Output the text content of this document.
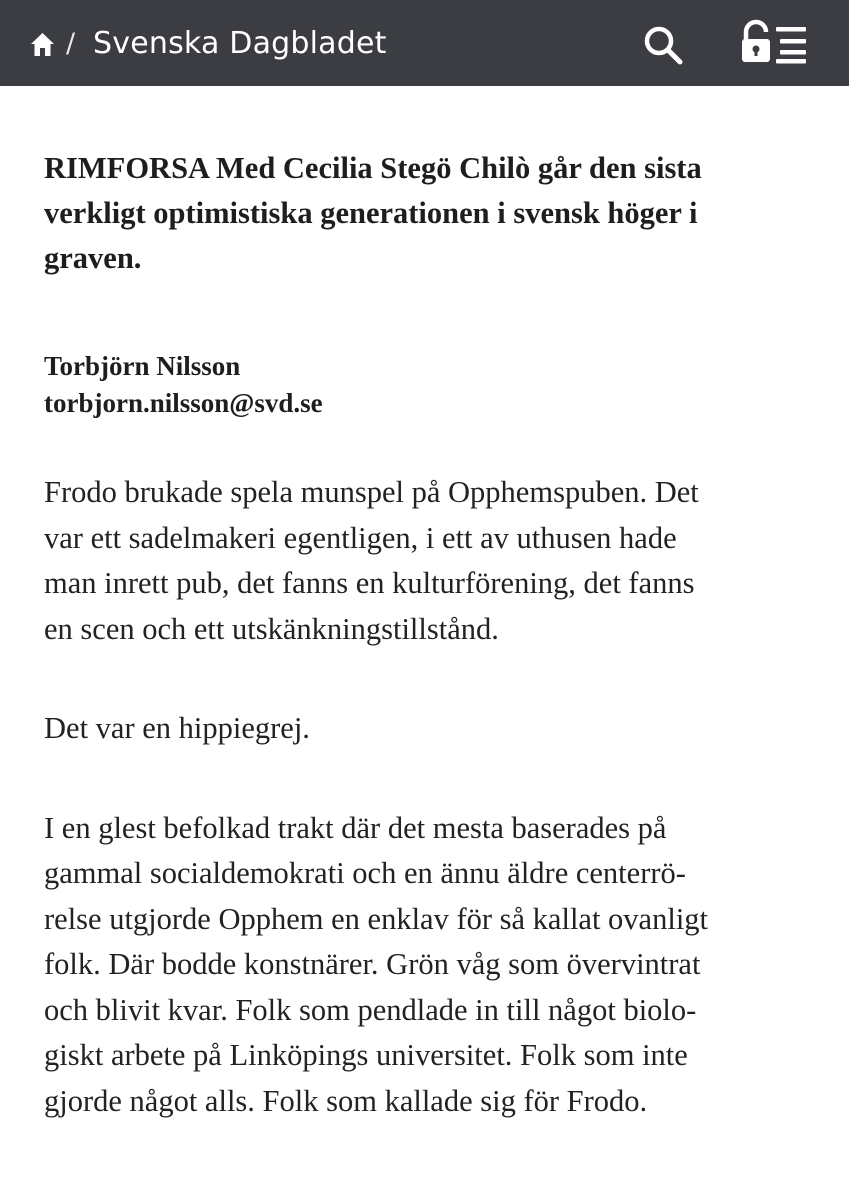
/ Svenska Dagbladet

RIMFORSA Med Cecilia Stegö Chilò går den sista
verkligt optimistiska generationen i svensk höger i
graven.

Torbjörn Nilsson
torbjorn.nilsson@svd.se

Frodo brukade spela munspel på Opphemspuben. Det
var ett sadelmakeri egentligen, i ett av uthusen hade
man inrett pub, det fanns en kulturförening, det fanns
en scen och ett utskänkningstillstånd.

Det var en hippiegrej.

I en glest befolkad trakt där det mesta baserades på
gammal socialdemokrati och en ännu äldre centerrö-
relse utgjorde Opphem en enklav för så kallat ovanligt
folk. Där bodde konstnärer. Grön våg som övervintrat
och blivit kvar. Folk som pendlade in till något biolo-
giskt arbete på Linköpings universitet. Folk som inte
gjorde något alls. Folk som kallade sig för Frodo.
